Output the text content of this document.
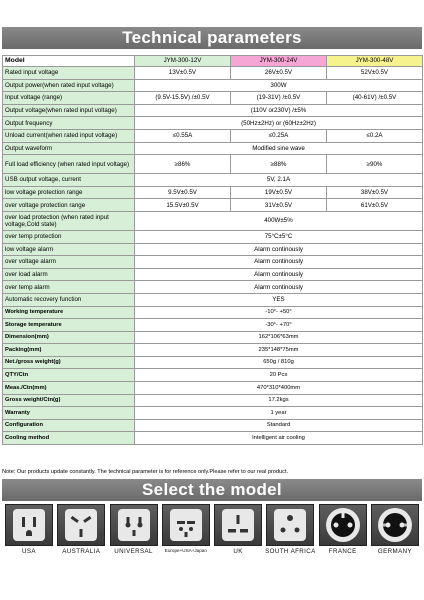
Technical parameters
Model	JYM-300-12V	JYM-300-24V	JYM-300-48V
Rated input voltage	13V±0.5V	26V±0.5V	52V±0.5V
Output power(when rated input voltage)	300W		
Input voltage (range)	(9.5V-15.5V) /±0.5V	(19-31V) /±0.5V	(40-61V) /±0.5V
Output voltage(when rated input voltage)	(110V or230V) /±5%		
Output frequency	(50Hz±2Hz) or (60Hz±2Hz)		
Unload current(when rated input voltage)	≤0.55A	≤0.25A	≤0.2A
Output waveform	Modified sine wave		
Full load efficiency (when rated input voltage)	≥86%	≥88%	≥90%
USB output voltage, current	5V, 2.1A		
low voltage protection range	9.5V±0.5V	19V±0.5V	38V±0.5V
over voltage protection range	15.5V±0.5V	31V±0.5V	61V±0.5V
over load protection (when rated input voltage,Cold state)	400W±5%		
over temp protection	75°C±5°C		
low voltage alarm	Alarm continously		
over voltage alarm	Alarm continously		
over load alarm	Alarm continously		
over temp alarm	Alarm continously		
Automatic recovery function	YES		
Working temperature	-10°- +50°		
Storage temperature	-30°- +70°		
Dimension(mm)	162*106*63mm		
Packing(mm)	235*148*75mm		
Net./gross weight(g)	650g / 810g		
QTY/Ctn	20 Pcs		
Meas./Ctn(mm)	470*310*400mm		
Gross weight/Ctn(g)	17.2kgs		
Warranty	1 year		
Configuration	Standard		
Cooling method	Intelligent air cooling		
Note: Our products update constantly. The technical parameter is for reference only.Please refer to our real product.
Select the model
USA	AUSTRALIA UNIVERSAL	Europe+USA+Japan	UK	SOUTH AFRICA FRANCE	GERMANY
